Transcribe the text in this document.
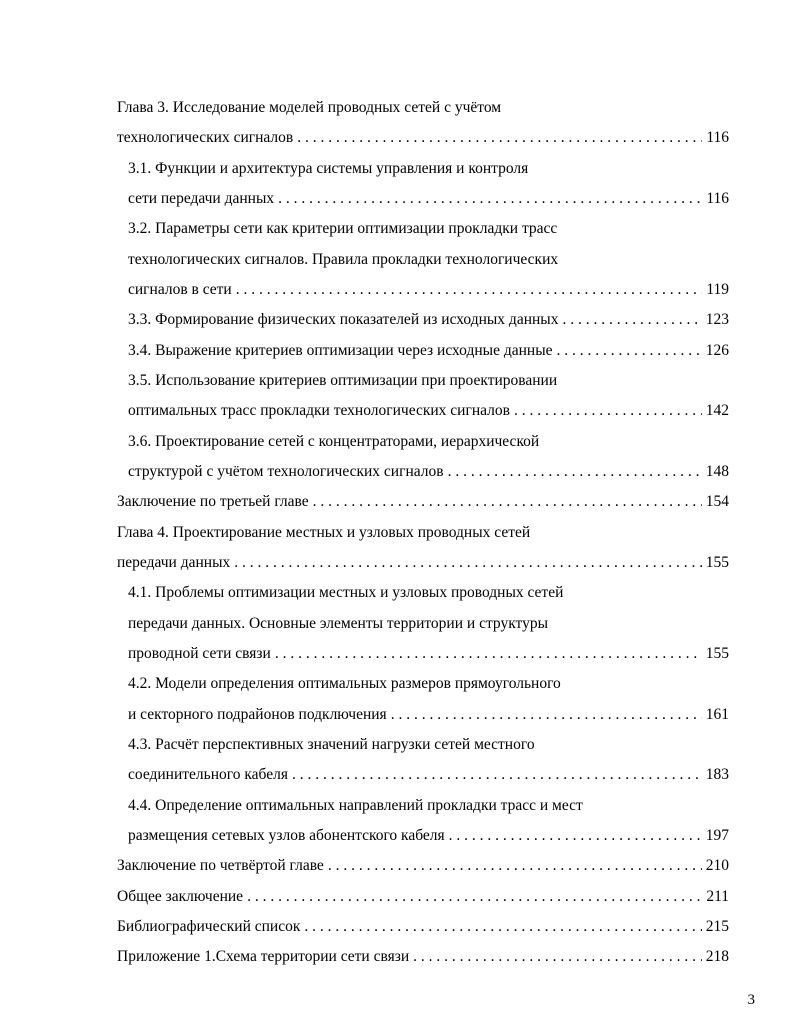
Глава 3. Исследование моделей проводных сетей с учётом
технологических сигналов . . .	116
3.1. Функции и архитектура системы управления и контроля
сети передачи данных . . .	116
3.2. Параметры сети как критерии оптимизации прокладки трасс
технологических сигналов. Правила прокладки технологических
сигналов в сети . . .	119
3.3. Формирование физических показателей из исходных данных . . .	123
3.4. Выражение критериев оптимизации через исходные данные . . .	126
3.5. Использование критериев оптимизации при проектировании
оптимальных трасс прокладки технологических сигналов . . .	142
3.6. Проектирование сетей с концентраторами, иерархической
структурой с учётом технологических сигналов . . .	148
Заключение по третьей главе . . .	154
Глава 4. Проектирование местных и узловых проводных сетей
передачи данных . . .	155
4.1. Проблемы оптимизации местных и узловых проводных сетей
передачи данных. Основные элементы территории и структуры
проводной сети связи . . .	155
4.2. Модели определения оптимальных размеров прямоугольного
и секторного подрайонов подключения . . .	161
4.3. Расчёт перспективных значений нагрузки сетей местного
соединительного кабеля . . .	183
4.4. Определение оптимальных направлений прокладки трасс и мест
размещения сетевых узлов абонентского кабеля . . .	197
Заключение по четвёртой главе . . .	210
Общее заключение . . .	211
Библиографический список . . .	215
Приложение 1.Схема территории сети связи . . .	218
3
